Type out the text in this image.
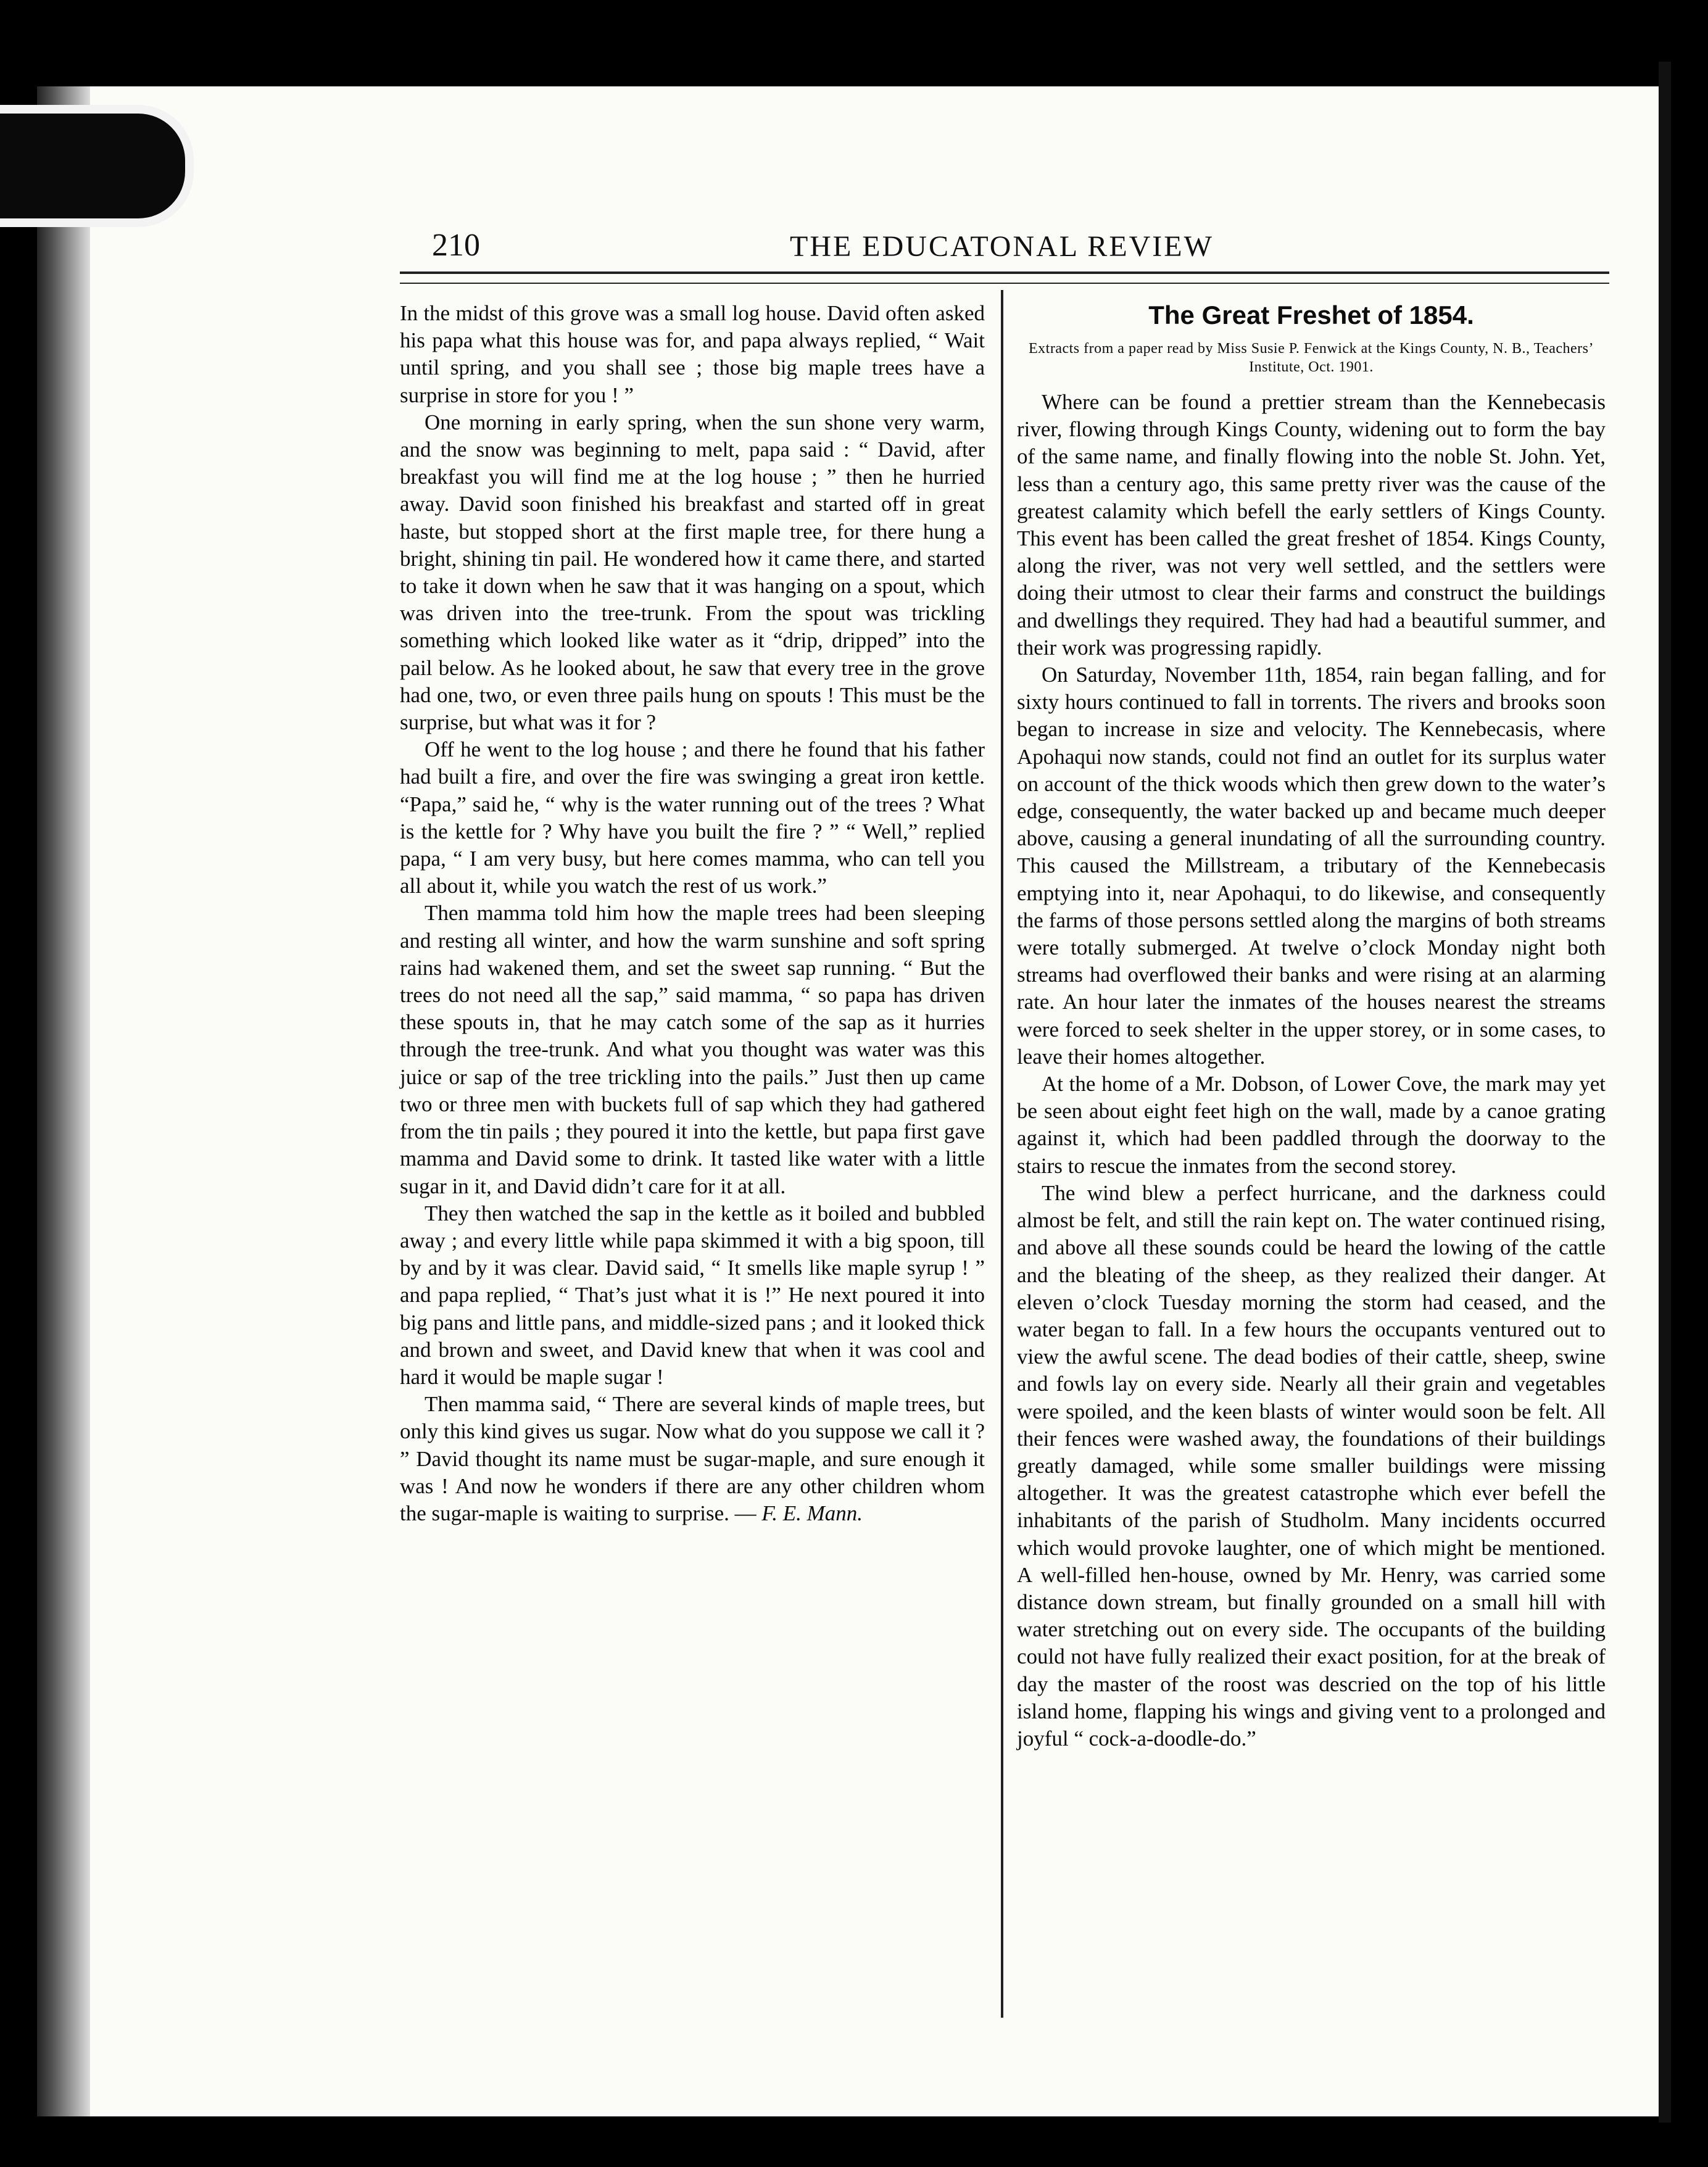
210	THE EDUCATONAL REVIEW

In the midst of this grove was a small log house. David often asked his papa what this house was for, and papa always replied, “ Wait until spring, and you shall see ; those big maple trees have a surprise in store for you ! ”

One morning in early spring, when the sun shone very warm, and the snow was beginning to melt, papa said : “ David, after breakfast you will find me at the log house ; ” then he hurried away. David soon finished his breakfast and started off in great haste, but stopped short at the first maple tree, for there hung a bright, shining tin pail. He wondered how it came there, and started to take it down when he saw that it was hanging on a spout, which was driven into the tree-trunk. From the spout was trickling something which looked like water as it “drip, dripped” into the pail below. As he looked about, he saw that every tree in the grove had one, two, or even three pails hung on spouts ! This must be the surprise, but what was it for ?

Off he went to the log house ; and there he found that his father had built a fire, and over the fire was swinging a great iron kettle. “Papa,” said he, “ why is the water running out of the trees ? What is the kettle for ? Why have you built the fire ? ” “ Well,” replied papa, “ I am very busy, but here comes mamma, who can tell you all about it, while you watch the rest of us work.”

Then mamma told him how the maple trees had been sleeping and resting all winter, and how the warm sunshine and soft spring rains had wakened them, and set the sweet sap running. “ But the trees do not need all the sap,” said mamma, “ so papa has driven these spouts in, that he may catch some of the sap as it hurries through the tree-trunk. And what you thought was water was this juice or sap of the tree trickling into the pails.” Just then up came two or three men with buckets full of sap which they had gathered from the tin pails ; they poured it into the kettle, but papa first gave mamma and David some to drink. It tasted like water with a little sugar in it, and David didn’t care for it at all.

They then watched the sap in the kettle as it boiled and bubbled away ; and every little while papa skimmed it with a big spoon, till by and by it was clear. David said, “ It smells like maple syrup ! ” and papa replied, “ That’s just what it is !” He next poured it into big pans and little pans, and middle-sized pans ; and it looked thick and brown and sweet, and David knew that when it was cool and hard it would be maple sugar !

Then mamma said, “ There are several kinds of maple trees, but only this kind gives us sugar. Now what do you suppose we call it ? ” David thought its name must be sugar-maple, and sure enough it was ! And now he wonders if there are any other children whom the sugar-maple is waiting to surprise. — F. E. Mann.

The Great Freshet of 1854.
Extracts from a paper read by Miss Susie P. Fenwick at the Kings County, N. B., Teachers’ Institute, Oct. 1901.

Where can be found a prettier stream than the Kennebecasis river, flowing through Kings County, widening out to form the bay of the same name, and finally flowing into the noble St. John. Yet, less than a century ago, this same pretty river was the cause of the greatest calamity which befell the early settlers of Kings County. This event has been called the great freshet of 1854. Kings County, along the river, was not very well settled, and the settlers were doing their utmost to clear their farms and construct the buildings and dwellings they required. They had had a beautiful summer, and their work was progressing rapidly.

On Saturday, November 11th, 1854, rain began falling, and for sixty hours continued to fall in torrents. The rivers and brooks soon began to increase in size and velocity. The Kennebecasis, where Apohaqui now stands, could not find an outlet for its surplus water on account of the thick woods which then grew down to the water’s edge, consequently, the water backed up and became much deeper above, causing a general inundating of all the surrounding country. This caused the Millstream, a tributary of the Kennebecasis emptying into it, near Apohaqui, to do likewise, and consequently the farms of those persons settled along the margins of both streams were totally submerged. At twelve o’clock Monday night both streams had overflowed their banks and were rising at an alarming rate. An hour later the inmates of the houses nearest the streams were forced to seek shelter in the upper storey, or in some cases, to leave their homes altogether.

At the home of a Mr. Dobson, of Lower Cove, the mark may yet be seen about eight feet high on the wall, made by a canoe grating against it, which had been paddled through the doorway to the stairs to rescue the inmates from the second storey.

The wind blew a perfect hurricane, and the darkness could almost be felt, and still the rain kept on. The water continued rising, and above all these sounds could be heard the lowing of the cattle and the bleating of the sheep, as they realized their danger. At eleven o’clock Tuesday morning the storm had ceased, and the water began to fall. In a few hours the occupants ventured out to view the awful scene. The dead bodies of their cattle, sheep, swine and fowls lay on every side. Nearly all their grain and vegetables were spoiled, and the keen blasts of winter would soon be felt. All their fences were washed away, the foundations of their buildings greatly damaged, while some smaller buildings were missing altogether. It was the greatest catastrophe which ever befell the inhabitants of the parish of Studholm. Many incidents occurred which would provoke laughter, one of which might be mentioned. A well-filled hen-house, owned by Mr. Henry, was carried some distance down stream, but finally grounded on a small hill with water stretching out on every side. The occupants of the building could not have fully realized their exact position, for at the break of day the master of the roost was descried on the top of his little island home, flapping his wings and giving vent to a prolonged and joyful “ cock-a-doodle-do.”
